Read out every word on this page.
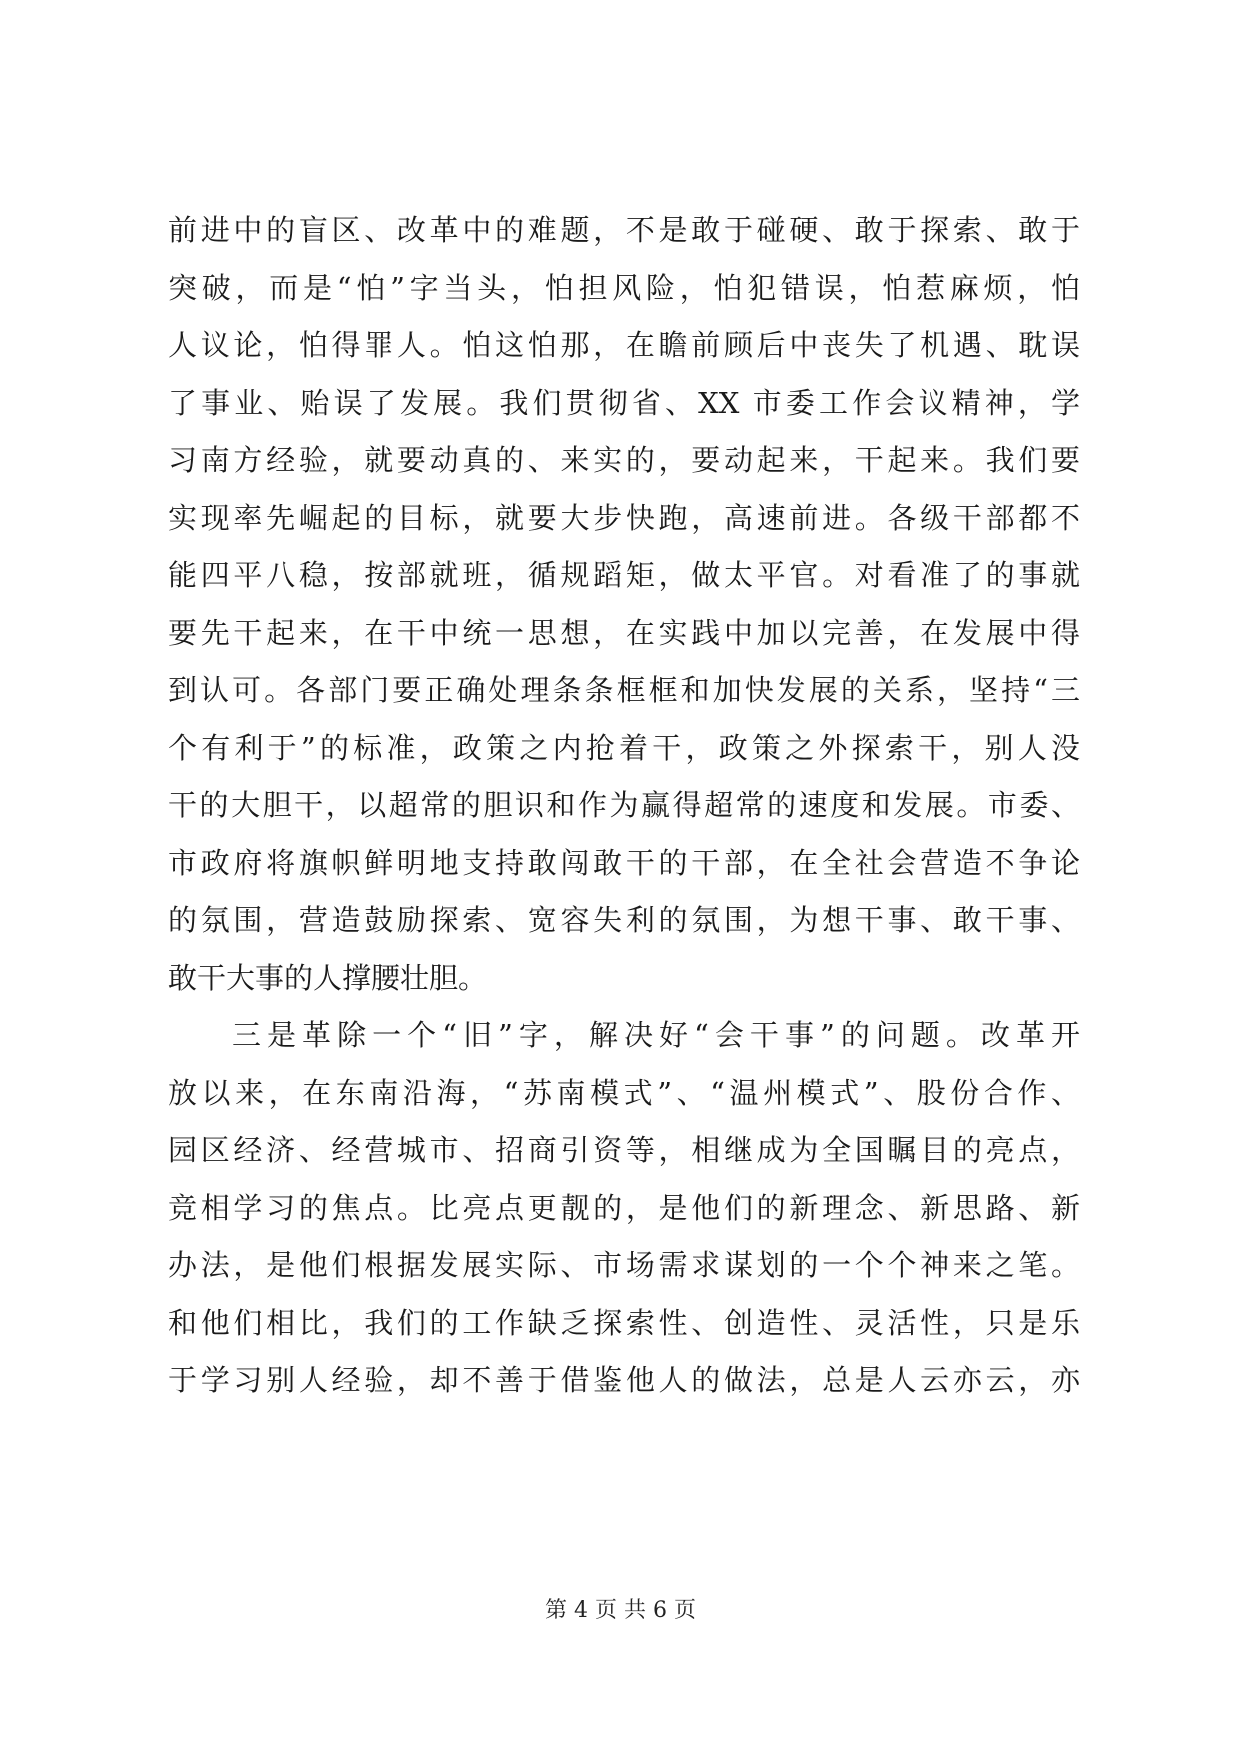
前进中的盲区、改革中的难题，不是敢于碰硬、敢于探索、敢于
突破，而是“怕”字当头，怕担风险，怕犯错误，怕惹麻烦，怕
人议论，怕得罪人。怕这怕那，在瞻前顾后中丧失了机遇、耽误
了事业、贻误了发展。我们贯彻省、XX 市委工作会议精神，学
习南方经验，就要动真的、来实的，要动起来，干起来。我们要
实现率先崛起的目标，就要大步快跑，高速前进。各级干部都不
能四平八稳，按部就班，循规蹈矩，做太平官。对看准了的事就
要先干起来，在干中统一思想，在实践中加以完善，在发展中得
到认可。各部门要正确处理条条框框和加快发展的关系，坚持“三
个有利于”的标准，政策之内抢着干，政策之外探索干，别人没
干的大胆干，以超常的胆识和作为赢得超常的速度和发展。市委、
市政府将旗帜鲜明地支持敢闯敢干的干部，在全社会营造不争论
的氛围，营造鼓励探索、宽容失利的氛围，为想干事、敢干事、
敢干大事的人撑腰壮胆。
三是革除一个“旧”字，解决好“会干事”的问题。改革开
放以来，在东南沿海，“苏南模式”、“温州模式”、股份合作、
园区经济、经营城市、招商引资等，相继成为全国瞩目的亮点，
竞相学习的焦点。比亮点更靓的，是他们的新理念、新思路、新
办法，是他们根据发展实际、市场需求谋划的一个个神来之笔。
和他们相比，我们的工作缺乏探索性、创造性、灵活性，只是乐
于学习别人经验，却不善于借鉴他人的做法，总是人云亦云，亦
第 4 页 共 6 页
